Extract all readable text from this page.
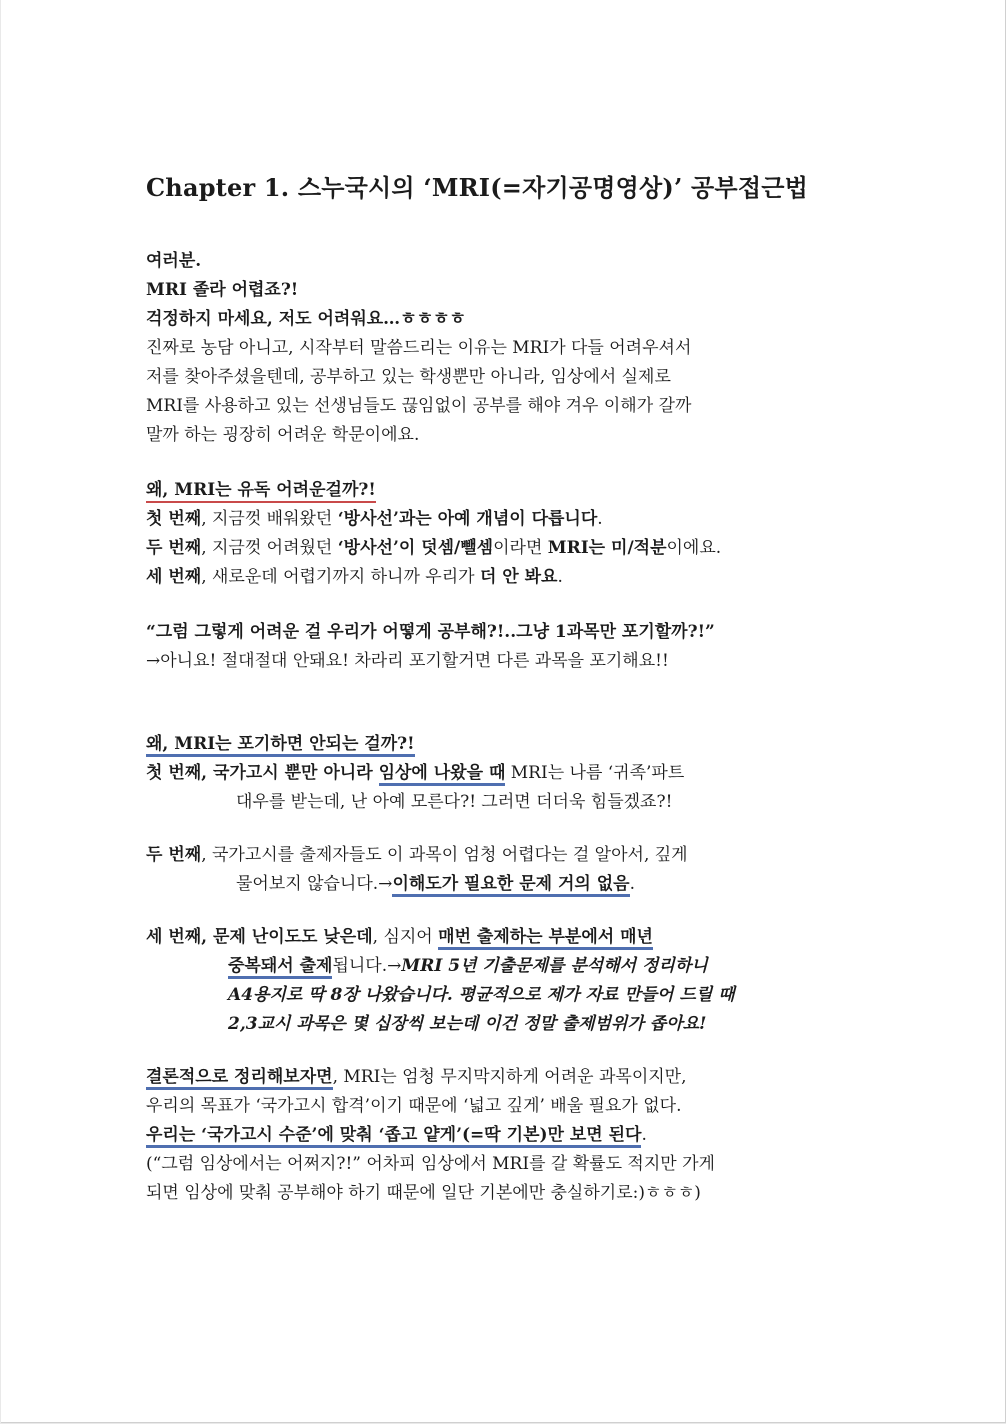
Chapter 1. 스누국시의 ‘MRI(=자기공명영상)’ 공부접근법
여러분.
MRI 졸라 어렵죠?!
걱정하지 마세요, 저도 어려워요…ㅎㅎㅎㅎ
진짜로 농담 아니고, 시작부터 말씀드리는 이유는 MRI가 다들 어려우셔서
저를 찾아주셨을텐데, 공부하고 있는 학생뿐만 아니라, 임상에서 실제로
MRI를 사용하고 있는 선생님들도 끊임없이 공부를 해야 겨우 이해가 갈까
말까 하는 굉장히 어려운 학문이에요.
왜, MRI는 유독 어려운걸까?!
첫 번째, 지금껏 배워왔던 ‘방사선’과는 아예 개념이 다릅니다.
두 번째, 지금껏 어려웠던 ‘방사선’이 덧셈/뺄셈이라면 MRI는 미/적분이에요.
세 번째, 새로운데 어렵기까지 하니까 우리가 더 안 봐요.
“그럼 그렇게 어려운 걸 우리가 어떻게 공부해?!..그냥 1과목만 포기할까?!”
→아니요! 절대절대 안돼요! 차라리 포기할거면 다른 과목을 포기해요!!
왜, MRI는 포기하면 안되는 걸까?!
첫 번째, 국가고시 뿐만 아니라 임상에 나왔을 때 MRI는 나름 ‘귀족’파트
대우를 받는데, 난 아예 모른다?! 그러면 더더욱 힘들겠죠?!
두 번째, 국가고시를 출제자들도 이 과목이 엄청 어렵다는 걸 알아서, 깊게
물어보지 않습니다.→이해도가 필요한 문제 거의 없음.
세 번째, 문제 난이도도 낮은데, 심지어 매번 출제하는 부분에서 매년
중복돼서 출제됩니다.→MRI 5년 기출문제를 분석해서 정리하니
A4용지로 딱 8장 나왔습니다. 평균적으로 제가 자료 만들어 드릴 때
2,3교시 과목은 몇 십장씩 보는데 이건 정말 출제범위가 좁아요!
결론적으로 정리해보자면, MRI는 엄청 무지막지하게 어려운 과목이지만,
우리의 목표가 ‘국가고시 합격’이기 때문에 ‘넓고 깊게’ 배울 필요가 없다.
우리는 ‘국가고시 수준’에 맞춰 ‘좁고 얕게’(=딱 기본)만 보면 된다.
(“그럼 임상에서는 어쩌지?!” 어차피 임상에서 MRI를 갈 확률도 적지만 가게
되면 임상에 맞춰 공부해야 하기 때문에 일단 기본에만 충실하기로:)ㅎㅎㅎ)
